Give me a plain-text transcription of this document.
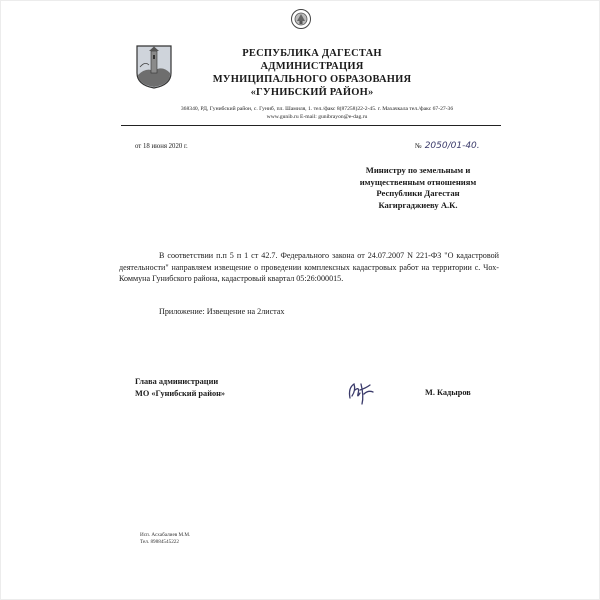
РЕСПУБЛИКА ДАГЕСТАН
АДМИНИСТРАЦИЯ
МУНИЦИПАЛЬНОГО ОБРАЗОВАНИЯ
«ГУНИБСКИЙ РАЙОН»
368340, РД, Гунибский район, с. Гуниб, пл. Шамиля, 1. тел./факс 8(87258)22-2-45. г. Махачкала тел./факс 67-27-36
www.gunib.ru E-mail: gunibrayon@e-dag.ru
от 18 июня 2020 г.	№ 2050/01-40.
Министру по земельным и
имущественным отношениям
Республики Дагестан
Кагиргаджиеву А.К.
В соответствии п.п 5 п 1 ст 42.7. Федерального закона от 24.07.2007 N 221-ФЗ "О кадастровой деятельности" направляем извещение о проведении комплексных кадастровых работ на территории с. Чох-Коммуна Гунибского района, кадастровый квартал 05:26:000015.
Приложение: Извещение на 2листах
Глава администрации
МО «Гунибский район»	М. Кадыров
Исп. Асхабалиев М.М.
Тел. 89884545222
